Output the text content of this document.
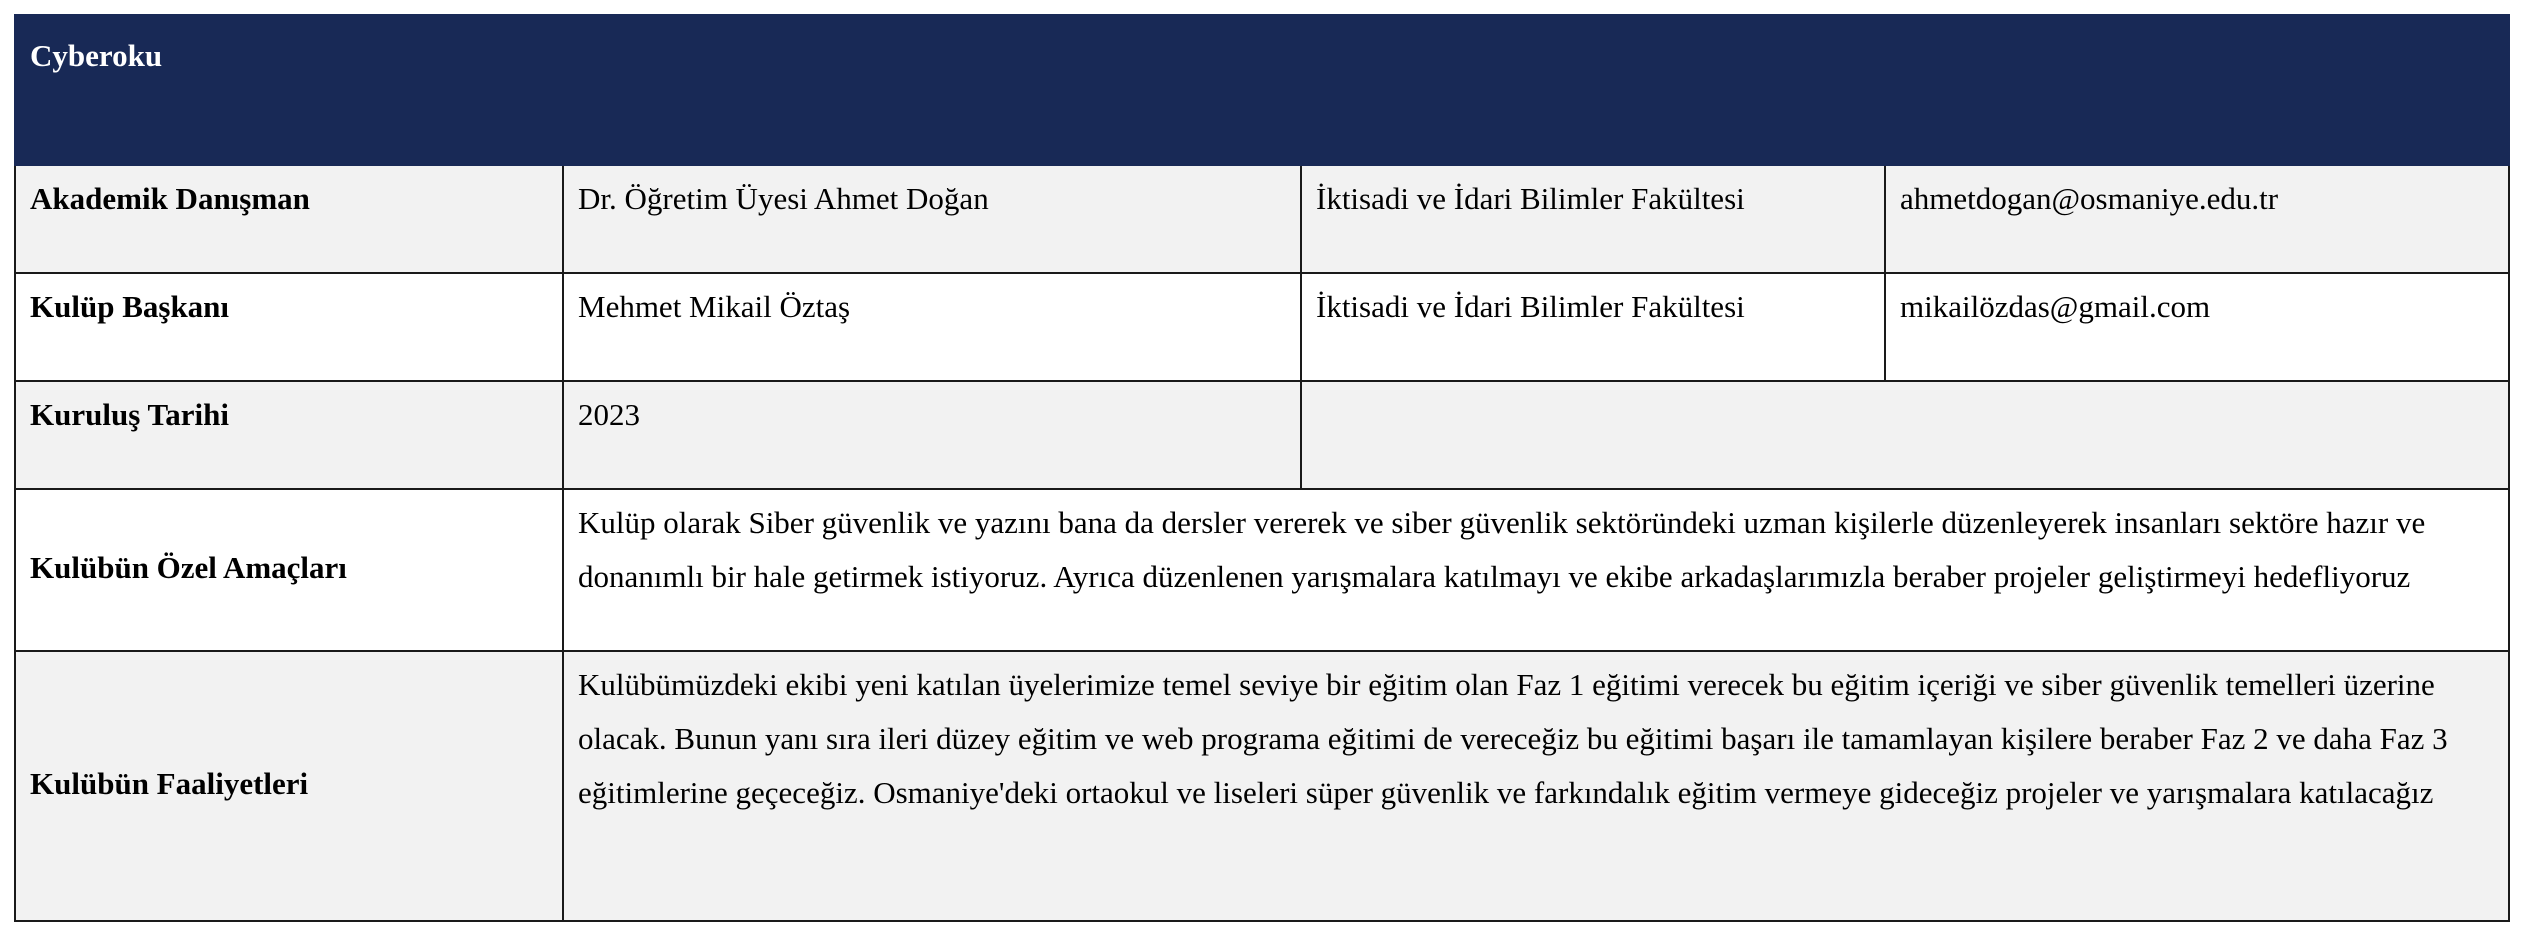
Cyberoku			
Akademik Danışman	Dr. Öğretim Üyesi Ahmet Doğan	İktisadi ve İdari Bilimler Fakültesi	ahmetdogan@osmaniye.edu.tr
Kulüp Başkanı	Mehmet Mikail Öztaş	İktisadi ve İdari Bilimler Fakültesi	mikailözdas@gmail.com
Kuruluş Tarihi	2023		
Kulübün Özel Amaçları	Kulüp olarak Siber güvenlik ve yazını bana da dersler vererek ve siber güvenlik sektöründeki uzman kişilerle düzenleyerek insanları sektöre hazır ve donanımlı bir hale getirmek istiyoruz. Ayrıca düzenlenen yarışmalara katılmayı ve ekibe arkadaşlarımızla beraber projeler geliştirmeyi hedefliyoruz		
Kulübün Faaliyetleri	Kulübümüzdeki ekibi yeni katılan üyelerimize temel seviye bir eğitim olan Faz 1 eğitimi verecek bu eğitim içeriği ve siber güvenlik temelleri üzerine olacak. Bunun yanı sıra ileri düzey eğitim ve web programa eğitimi de vereceğiz bu eğitimi başarı ile tamamlayan kişilere beraber Faz 2 ve daha Faz 3 eğitimlerine geçeceğiz. Osmaniye'deki ortaokul ve liseleri süper güvenlik ve farkındalık eğitim vermeye gideceğiz projeler ve yarışmalara katılacağız		
